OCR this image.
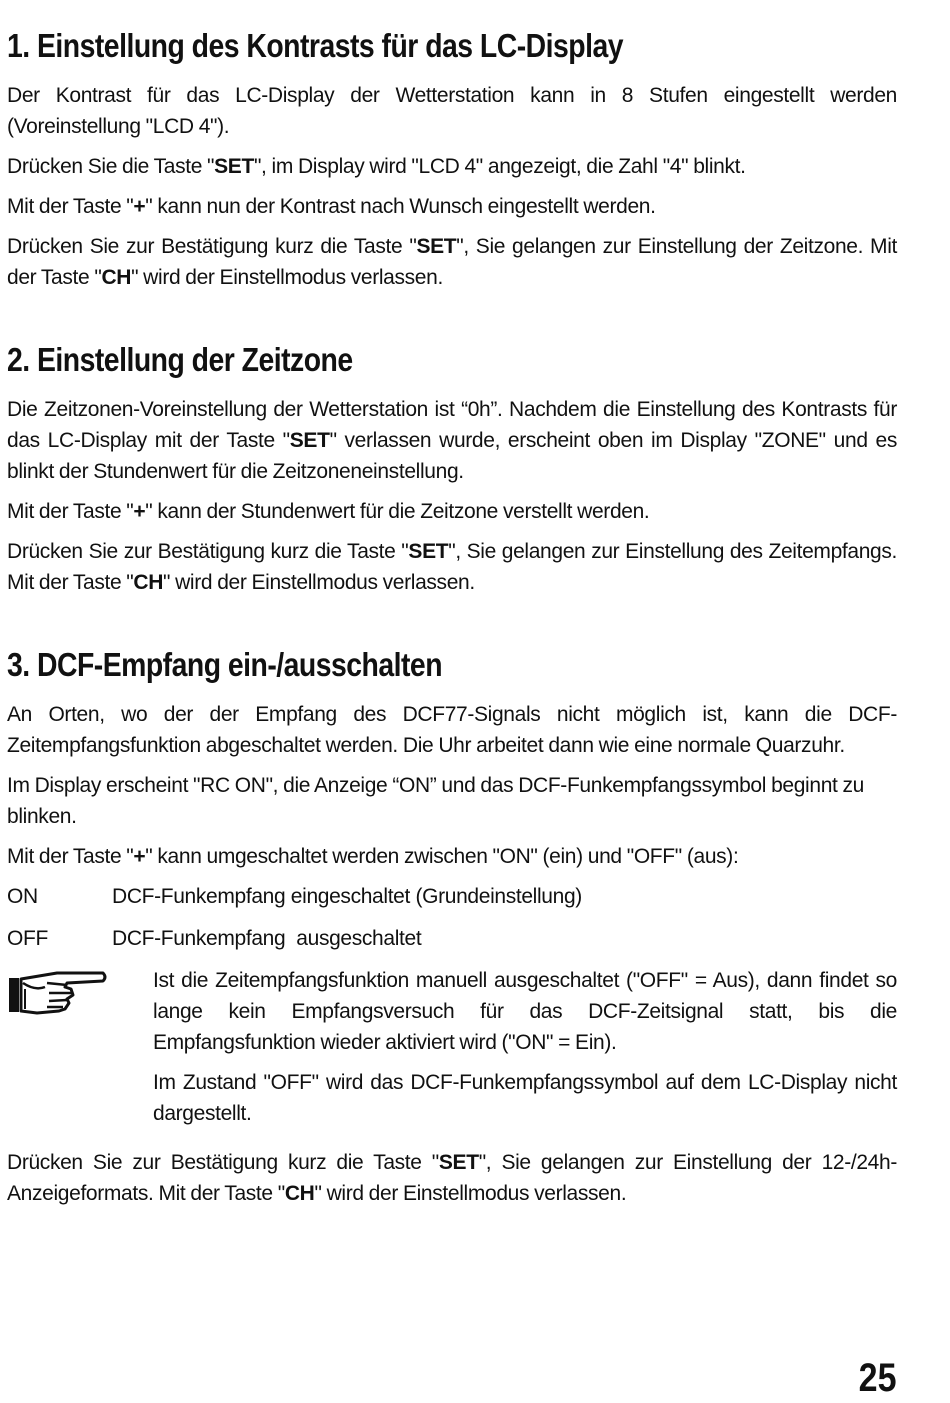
1. Einstellung des Kontrasts für das LC-Display

Der Kontrast für das LC-Display der Wetterstation kann in 8 Stufen eingestellt werden (Voreinstellung "LCD 4").

Drücken Sie die Taste "SET", im Display wird "LCD 4" angezeigt, die Zahl "4" blinkt.

Mit der Taste "+" kann nun der Kontrast nach Wunsch eingestellt werden.

Drücken Sie zur Bestätigung kurz die Taste "SET", Sie gelangen zur Einstellung der Zeitzone. Mit der Taste "CH" wird der Einstellmodus verlassen.

2. Einstellung der Zeitzone

Die Zeitzonen-Voreinstellung der Wetterstation ist “0h”. Nachdem die Einstellung des Kontrasts für das LC-Display mit der Taste "SET" verlassen wurde, erscheint oben im Display "ZONE" und es blinkt der Stundenwert für die Zeitzoneneinstellung.

Mit der Taste "+" kann der Stundenwert für die Zeitzone verstellt werden.

Drücken Sie zur Bestätigung kurz die Taste "SET", Sie gelangen zur Einstellung des Zeitempfangs. Mit der Taste "CH" wird der Einstellmodus verlassen.

3. DCF-Empfang ein-/ausschalten

An Orten, wo der der Empfang des DCF77-Signals nicht möglich ist, kann die DCF-Zeitempfangsfunktion abgeschaltet werden. Die Uhr arbeitet dann wie eine normale Quarzuhr.

Im Display erscheint "RC ON", die Anzeige “ON” und das DCF-Funkempfangssymbol beginnt zu blinken.

Mit der Taste "+" kann umgeschaltet werden zwischen "ON" (ein) und "OFF" (aus):

ON	DCF-Funkempfang eingeschaltet (Grundeinstellung)
OFF	DCF-Funkempfang  ausgeschaltet

Ist die Zeitempfangsfunktion manuell ausgeschaltet ("OFF" = Aus), dann findet so lange kein Empfangsversuch für das DCF-Zeitsignal statt, bis die Empfangsfunktion wieder aktiviert wird ("ON" = Ein).

Im Zustand "OFF" wird das DCF-Funkempfangssymbol auf dem LC-Display nicht dargestellt.

Drücken Sie zur Bestätigung kurz die Taste "SET", Sie gelangen zur Einstellung der 12-/24h-Anzeigeformats. Mit der Taste "CH" wird der Einstellmodus verlassen.

25
